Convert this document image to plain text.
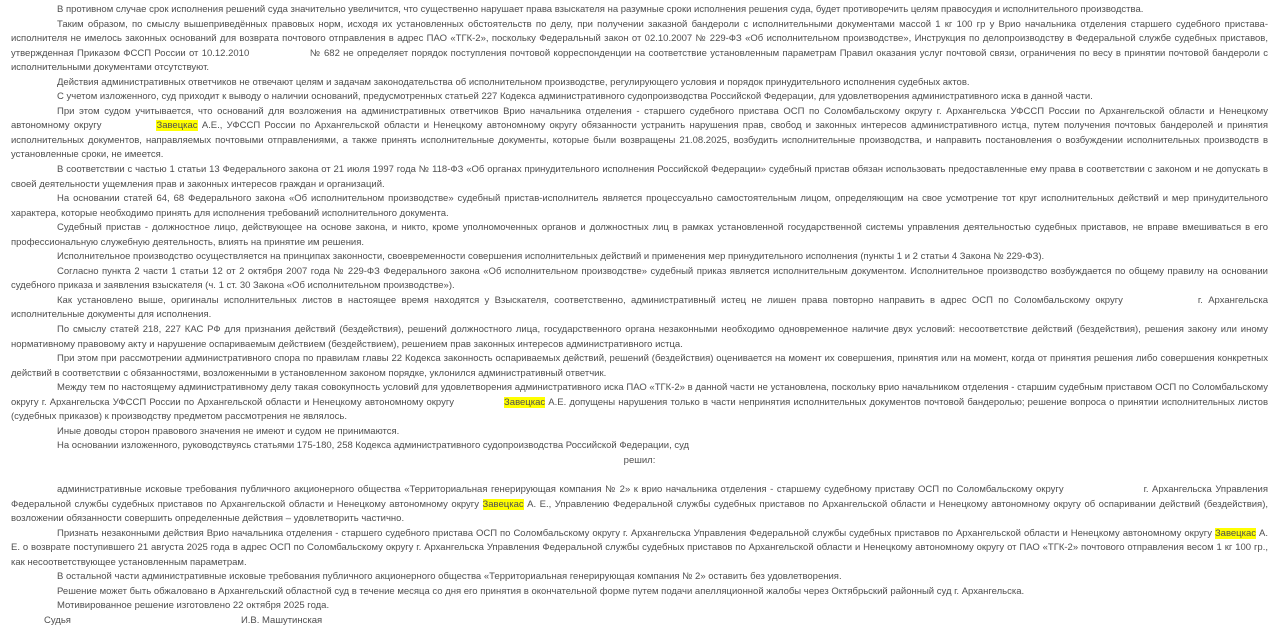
В противном случае срок исполнения решений суда значительно увеличится, что существенно нарушает права взыскателя на разумные сроки исполнения решения суда, будет противоречить целям правосудия и исполнительного производства.

Таким образом, по смыслу вышеприведённых правовых норм, исходя их установленных обстоятельств по делу, при получении заказной бандероли с исполнительными документами массой 1 кг 100 гр у Врио начальника отделения старшего судебного пристава-исполнителя не имелось законных оснований для возврата почтового отправления в адрес ПАО «ТГК-2», поскольку Федеральный закон от 02.10.2007 № 229-ФЗ «Об исполнительном производстве», Инструкция по делопроизводству в Федеральной службе судебных приставов, утвержденная Приказом ФССП России от 10.12.2010	№ 682 не определяет порядок поступления почтовой корреспонденции на соответствие установленным параметрам Правил оказания услуг почтовой связи, ограничения по весу в принятии почтовой бандероли с исполнительными документами отсутствуют.

Действия административных ответчиков не отвечают целям и задачам законодательства об исполнительном производстве, регулирующего условия и порядок принудительного исполнения судебных актов.

С учетом изложенного, суд приходит к выводу о наличии оснований, предусмотренных статьей 227 Кодекса административного судопроизводства Российской Федерации, для удовлетворения административного иска в данной части.

При этом судом учитывается, что оснований для возложения на административных ответчиков Врио начальника отделения - старшего судебного пристава ОСП по Соломбальскому округу г. Архангельска УФССП России по Архангельской области и Ненецкому автономному округу	Завецкас А.Е., УФССП России по Архангельской области и Ненецкому автономному округу обязанности устранить нарушения прав, свобод и законных интересов административного истца, путем получения почтовых бандеролей и принятия исполнительных документов, направляемых почтовыми отправлениями, а также принять исполнительные документы, которые были возвращены 21.08.2025, возбудить исполнительные производства, и направить постановления о возбуждении исполнительных производств в установленные сроки, не имеется.

В соответствии с частью 1 статьи 13 Федерального закона от 21 июля 1997 года № 118-ФЗ «Об органах принудительного исполнения Российской Федерации» судебный пристав обязан использовать предоставленные ему права в соответствии с законом и не допускать в своей деятельности ущемления прав и законных интересов граждан и организаций.

На основании статей 64, 68 Федерального закона «Об исполнительном производстве» судебный пристав-исполнитель является процессуально самостоятельным лицом, определяющим на свое усмотрение тот круг исполнительных действий и мер принудительного характера, которые необходимо принять для исполнения требований исполнительного документа.

Судебный пристав - должностное лицо, действующее на основе закона, и никто, кроме уполномоченных органов и должностных лиц в рамках установленной государственной системы управления деятельностью судебных приставов, не вправе вмешиваться в его профессиональную служебную деятельность, влиять на принятие им решения.

Исполнительное производство осуществляется на принципах законности, своевременности совершения исполнительных действий и применения мер принудительного исполнения (пункты 1 и 2 статьи 4 Закона № 229-ФЗ).

Согласно пункта 2 части 1 статьи 12 от 2 октября 2007 года № 229-ФЗ Федерального закона «Об исполнительном производстве» судебный приказ является исполнительным документом. Исполнительное производство возбуждается по общему правилу на основании судебного приказа и заявления взыскателя (ч. 1 ст. 30 Закона «Об исполнительном производстве»).

Как установлено выше, оригиналы исполнительных листов в настоящее время находятся у Взыскателя, соответственно, административный истец не лишен права повторно направить в адрес ОСП по Соломбальскому округу	г. Архангельска исполнительные документы для исполнения.

По смыслу статей 218, 227 КАС РФ для признания действий (бездействия), решений должностного лица, государственного органа незаконными необходимо одновременное наличие двух условий: несоответствие действий (бездействия), решения закону или иному нормативному правовому акту и нарушение оспариваемым действием (бездействием), решением прав законных интересов административного истца.

При этом при рассмотрении административного спора по правилам главы 22 Кодекса законность оспариваемых действий, решений (бездействия) оценивается на момент их совершения, принятия или на момент, когда от принятия решения либо совершения конкретных действий в соответствии с обязанностями, возложенными в установленном законом порядке, уклонился административный ответчик.

Между тем по настоящему административному делу такая совокупность условий для удовлетворения административного иска ПАО «ТГК-2» в данной части не установлена, поскольку врио начальником отделения - старшим судебным приставом ОСП по Соломбальскому округу г. Архангельска УФССП России по Архангельской области и Ненецкому автономному округу	Завецкас А.Е. допущены нарушения только в части непринятия исполнительных документов почтовой бандеролью; решение вопроса о принятии исполнительных листов (судебных приказов) к производству предметом рассмотрения не являлось.

Иные доводы сторон правового значения не имеют и судом не принимаются.

На основании изложенного, руководствуясь статьями 175-180, 258 Кодекса административного судопроизводства Российской Федерации, суд

решил:

административные исковые требования публичного акционерного общества «Территориальная генерирующая компания № 2» к врио начальника отделения - старшему судебному приставу ОСП по Соломбальскому округу	г. Архангельска Управления Федеральной службы судебных приставов по Архангельской области и Ненецкому автономному округу Завецкас А. Е., Управлению Федеральной службы судебных приставов по Архангельской области и Ненецкому автономному округу об оспаривании действий (бездействия), возложении обязанности совершить определенные действия – удовлетворить частично.

Признать незаконными действия Врио начальника отделения - старшего судебного пристава ОСП по Соломбальскому округу г. Архангельска Управления Федеральной службы судебных приставов по Архангельской области и Ненецкому автономному округу Завецкас А. Е. о возврате поступившего 21 августа 2025 года в адрес ОСП по Соломбальскому округу г. Архангельска Управления Федеральной службы судебных приставов по Архангельской области и Ненецкому автономному округу от ПАО «ТГК-2» почтового отправления весом 1 кг 100 гр., как несоответствующее установленным параметрам.

В остальной части административные исковые требования публичного акционерного общества «Территориальная генерирующая компания № 2» оставить без удовлетворения.

Решение может быть обжаловано в Архангельский областной суд в течение месяца со дня его принятия в окончательной форме путем подачи апелляционной жалобы через Октябрьский районный суд г. Архангельска.

Мотивированное решение изготовлено 22 октября 2025 года.

Судья	И.В. Машутинская
